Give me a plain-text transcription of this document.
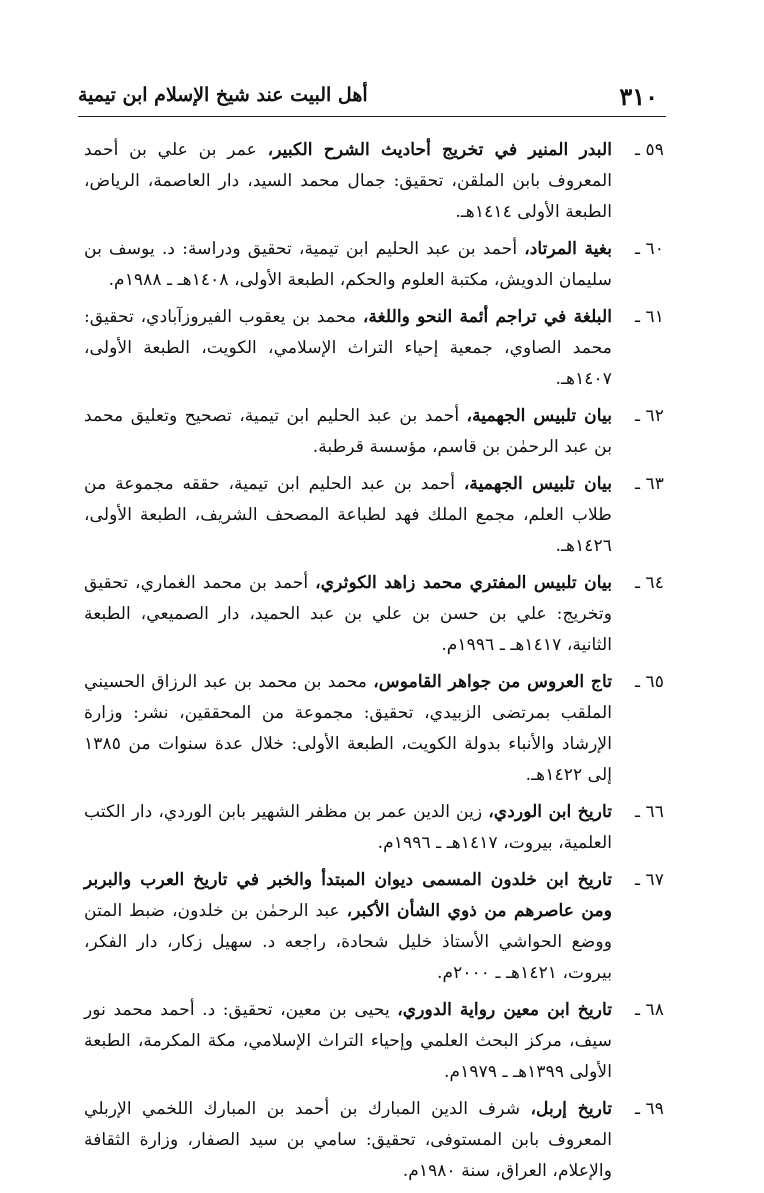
٣١٠
أهل البيت عند شيخ الإسلام ابن تيمية
٥٩ ـ
البدر المنير في تخريج أحاديث الشرح الكبير، عمر بن علي بن أحمد المعروف بابن الملقن، تحقيق: جمال محمد السيد، دار العاصمة، الرياض، الطبعة الأولى ١٤١٤هـ.
٦٠ ـ
بغية المرتاد، أحمد بن عبد الحليم ابن تيمية، تحقيق ودراسة: د. يوسف بن سليمان الدويش، مكتبة العلوم والحكم، الطبعة الأولى، ١٤٠٨هـ ـ ١٩٨٨م.
٦١ ـ
البلغة في تراجم أئمة النحو واللغة، محمد بن يعقوب الفيروزآبادي، تحقيق: محمد الصاوي، جمعية إحياء التراث الإسلامي، الكويت، الطبعة الأولى، ١٤٠٧هـ.
٦٢ ـ
بيان تلبيس الجهمية، أحمد بن عبد الحليم ابن تيمية، تصحيح وتعليق محمد بن عبد الرحمٰن بن قاسم، مؤسسة قرطبة.
٦٣ ـ
بيان تلبيس الجهمية، أحمد بن عبد الحليم ابن تيمية، حققه مجموعة من طلاب العلم، مجمع الملك فهد لطباعة المصحف الشريف، الطبعة الأولى، ١٤٢٦هـ.
٦٤ ـ
بيان تلبيس المفتري محمد زاهد الكوثري، أحمد بن محمد الغماري، تحقيق وتخريج: علي بن حسن بن علي بن عبد الحميد، دار الصميعي، الطبعة الثانية، ١٤١٧هـ ـ ١٩٩٦م.
٦٥ ـ
تاج العروس من جواهر القاموس، محمد بن محمد بن عبد الرزاق الحسيني الملقب بمرتضى الزبيدي، تحقيق: مجموعة من المحققين، نشر: وزارة الإرشاد والأنباء بدولة الكويت، الطبعة الأولى: خلال عدة سنوات من ١٣٨٥ إلى ١٤٢٢هـ.
٦٦ ـ
تاريخ ابن الوردي، زين الدين عمر بن مظفر الشهير بابن الوردي، دار الكتب العلمية، بيروت، ١٤١٧هـ ـ ١٩٩٦م.
٦٧ ـ
تاريخ ابن خلدون المسمى ديوان المبتدأ والخبر في تاريخ العرب والبربر ومن عاصرهم من ذوي الشأن الأكبر، عبد الرحمٰن بن خلدون، ضبط المتن ووضع الحواشي الأستاذ خليل شحادة، راجعه د. سهيل زكار، دار الفكر، بيروت، ١٤٢١هـ ـ ٢٠٠٠م.
٦٨ ـ
تاريخ ابن معين رواية الدوري، يحيى بن معين، تحقيق: د. أحمد محمد نور سيف، مركز البحث العلمي وإحياء التراث الإسلامي، مكة المكرمة، الطبعة الأولى ١٣٩٩هـ ـ ١٩٧٩م.
٦٩ ـ
تاريخ إربل، شرف الدين المبارك بن أحمد بن المبارك اللخمي الإربلي المعروف بابن المستوفى، تحقيق: سامي بن سيد الصفار، وزارة الثقافة والإعلام، العراق، سنة ١٩٨٠م.
